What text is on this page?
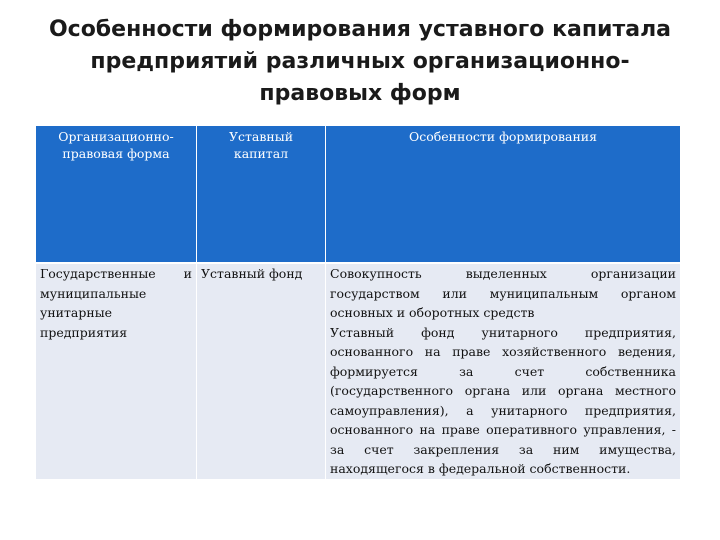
Особенности формирования уставного капитала
предприятий различных организационно-
правовых форм
Организационно-правовая форма	Уставный капитал	Особенности формирования

Государственные и муниципальные унитарные предприятия	Уставный фонд	Совокупность выделенных организации государством или муниципальным органом основных и оборотных средств

Уставный фонд унитарного предприятия, основанного на праве хозяйственного ведения, формируется за счет собственника (государственного органа или органа местного самоуправления), а унитарного предприятия, основанного на праве оперативного управления, - за счет закрепления за ним имущества, находящегося в федеральной собственности.
